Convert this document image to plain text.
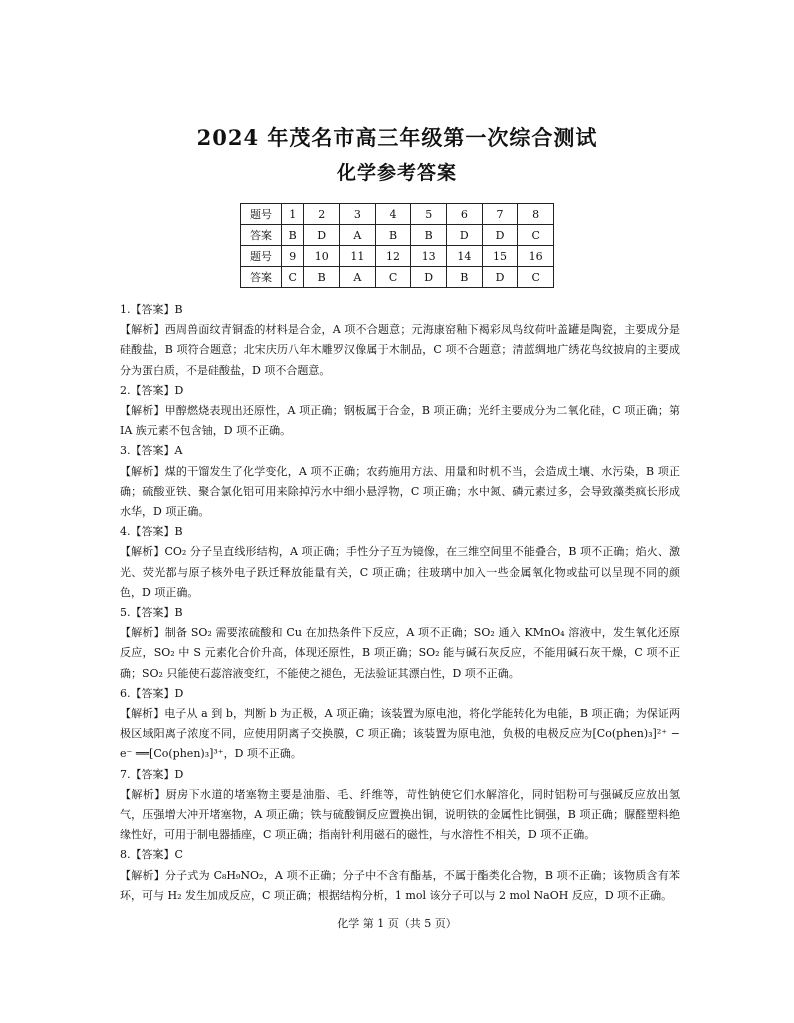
2024 年茂名市高三年级第一次综合测试
化学参考答案
题号	1	2	3	4	5	6	7	8
答案	B	D	A	B	B	D	D	C
题号	9	10	11	12	13	14	15	16
答案	C	B	A	C	D	B	D	C
1.【答案】B
【解析】西周兽面纹青铜盉的材料是合金，A 项不合题意；元海康窑釉下褐彩凤鸟纹荷叶盖罐是陶瓷，主要成分是硅酸盐，B 项符合题意；北宋庆历八年木雕罗汉像属于木制品，C 项不合题意；清蓝绸地广绣花鸟纹披肩的主要成分为蛋白质，不是硅酸盐，D 项不合题意。
2.【答案】D
【解析】甲醇燃烧表现出还原性，A 项正确；钢板属于合金，B 项正确；光纤主要成分为二氧化硅，C 项正确；第ⅠA 族元素不包含铀，D 项不正确。
3.【答案】A
【解析】煤的干馏发生了化学变化，A 项不正确；农药施用方法、用量和时机不当，会造成土壤、水污染，B 项正确；硫酸亚铁、聚合氯化铝可用来除掉污水中细小悬浮物，C 项正确；水中氮、磷元素过多，会导致藻类疯长形成水华，D 项正确。
4.【答案】B
【解析】CO₂ 分子呈直线形结构，A 项正确；手性分子互为镜像，在三维空间里不能叠合，B 项不正确；焰火、激光、荧光都与原子核外电子跃迁释放能量有关，C 项正确；往玻璃中加入一些金属氧化物或盐可以呈现不同的颜色，D 项正确。
5.【答案】B
【解析】制备 SO₂ 需要浓硫酸和 Cu 在加热条件下反应，A 项不正确；SO₂ 通入 KMnO₄ 溶液中，发生氧化还原反应，SO₂ 中 S 元素化合价升高，体现还原性，B 项正确；SO₂ 能与碱石灰反应，不能用碱石灰干燥，C 项不正确；SO₂ 只能使石蕊溶液变红，不能使之褪色，无法验证其漂白性，D 项不正确。
6.【答案】D
【解析】电子从 a 到 b，判断 b 为正极，A 项正确；该装置为原电池，将化学能转化为电能，B 项正确；为保证两极区域阳离子浓度不同，应使用阴离子交换膜，C 项正确；该装置为原电池，负极的电极反应为[Co(phen)₃]²⁺ − e⁻ ══[Co(phen)₃]³⁺，D 项不正确。
7.【答案】D
【解析】厨房下水道的堵塞物主要是油脂、毛、纤维等，苛性钠使它们水解溶化，同时铝粉可与强碱反应放出氢气，压强增大冲开堵塞物，A 项正确；铁与硫酸铜反应置换出铜，说明铁的金属性比铜强，B 项正确；脲醛塑料绝缘性好，可用于制电器插座，C 项正确；指南针利用磁石的磁性，与水溶性不相关，D 项不正确。
8.【答案】C
【解析】分子式为 C₈H₉NO₂，A 项不正确；分子中不含有酯基，不属于酯类化合物，B 项不正确；该物质含有苯环，可与 H₂ 发生加成反应，C 项正确；根据结构分析，1 mol 该分子可以与 2 mol NaOH 反应，D 项不正确。
化学 第 1 页（共 5 页）
